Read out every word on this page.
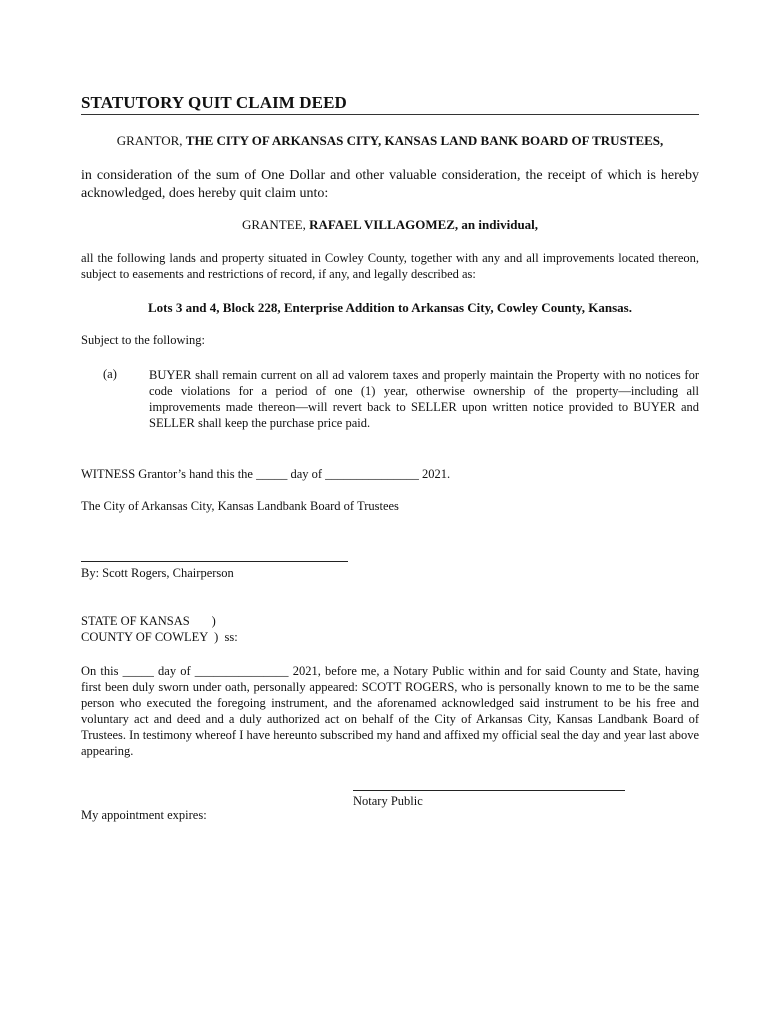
STATUTORY QUIT CLAIM DEED
GRANTOR, THE CITY OF ARKANSAS CITY, KANSAS LAND BANK BOARD OF TRUSTEES,
in consideration of the sum of One Dollar and other valuable consideration, the receipt of which is hereby acknowledged, does hereby quit claim unto:
GRANTEE, RAFAEL VILLAGOMEZ, an individual,
all the following lands and property situated in Cowley County, together with any and all improvements located thereon, subject to easements and restrictions of record, if any, and legally described as:
Lots 3 and 4, Block 228, Enterprise Addition to Arkansas City, Cowley County, Kansas.
Subject to the following:
(a)	BUYER shall remain current on all ad valorem taxes and properly maintain the Property with no notices for code violations for a period of one (1) year, otherwise ownership of the property—including all improvements made thereon—will revert back to SELLER upon written notice provided to BUYER and SELLER shall keep the purchase price paid.
WITNESS Grantor’s hand this the _____ day of _______________ 2021.
The City of Arkansas City, Kansas Landbank Board of Trustees
By: Scott Rogers, Chairperson
STATE OF KANSAS       )
COUNTY OF COWLEY  )  ss:
On this _____ day of _______________ 2021, before me, a Notary Public within and for said County and State, having first been duly sworn under oath, personally appeared: SCOTT ROGERS, who is personally known to me to be the same person who executed the foregoing instrument, and the aforenamed acknowledged said instrument to be his free and voluntary act and deed and a duly authorized act on behalf of the City of Arkansas City, Kansas Landbank Board of Trustees. In testimony whereof I have hereunto subscribed my hand and affixed my official seal the day and year last above appearing.
Notary Public
My appointment expires:
